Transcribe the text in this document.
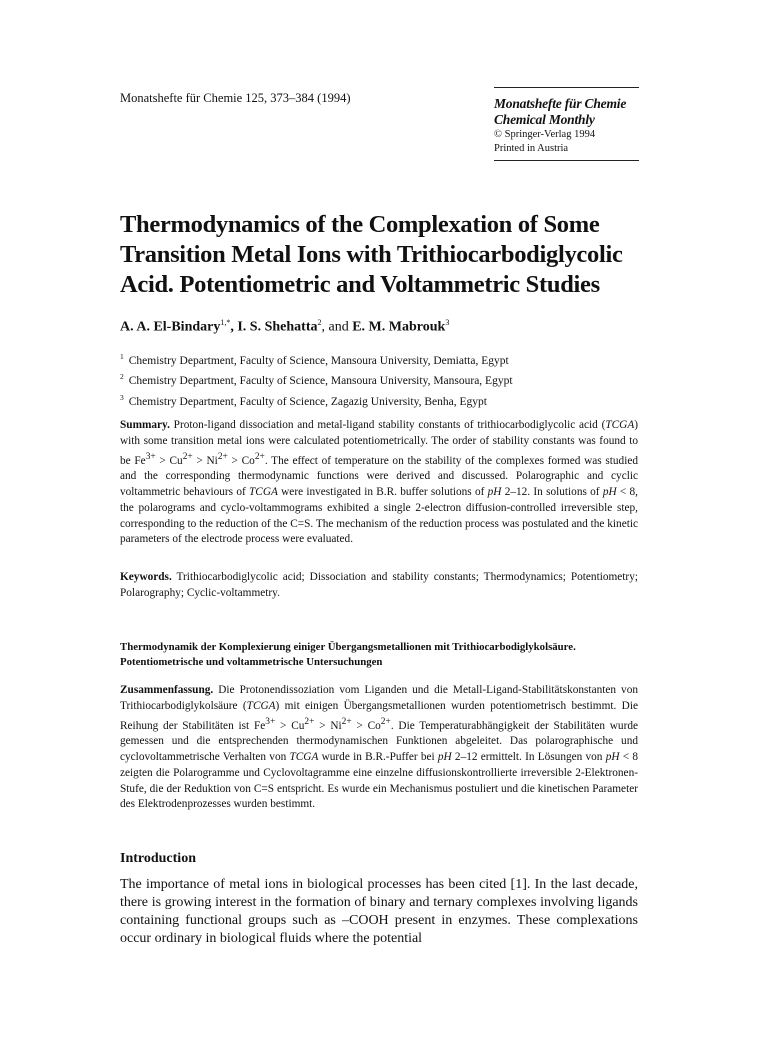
Monatshefte für Chemie 125, 373–384 (1994)	Monatshefte für Chemie
Chemical Monthly
© Springer-Verlag 1994
Printed in Austria
Thermodynamics of the Complexation of Some Transition Metal Ions with Trithiocarbodiglycolic Acid. Potentiometric and Voltammetric Studies
A. A. El-Bindary$^{1,*}$, I. S. Shehatta$^2$, and E. M. Mabrouk$^3$
$^1$ Chemistry Department, Faculty of Science, Mansoura University, Demiatta, Egypt
$^2$ Chemistry Department, Faculty of Science, Mansoura University, Mansoura, Egypt
$^3$ Chemistry Department, Faculty of Science, Zagazig University, Benha, Egypt
Summary. Proton-ligand dissociation and metal-ligand stability constants of trithiocarbodiglycolic acid (TCGA) with some transition metal ions were calculated potentiometrically. The order of stability constants was found to be $Fe^{3+} > Cu^{2+} > Ni^{2+} > Co^{2+}$. The effect of temperature on the stability of the complexes formed was studied and the corresponding thermodynamic functions were derived and discussed. Polarographic and cyclic voltammetric behaviours of TCGA were investigated in B.R. buffer solutions of pH 2–12. In solutions of pH < 8, the polarograms and cyclo-voltammograms exhibited a single 2-electron diffusion-controlled irreversible step, corresponding to the reduction of the C=S. The mechanism of the reduction process was postulated and the kinetic parameters of the electrode process were evaluated.
Keywords. Trithiocarbodiglycolic acid; Dissociation and stability constants; Thermodynamics; Potentiometry; Polarography; Cyclic-voltammetry.
Thermodynamik der Komplexierung einiger Übergangsmetallionen mit Trithiocarbodiglykolsäure. Potentiometrische und voltammetrische Untersuchungen
Zusammenfassung. Die Protonendissoziation vom Liganden und die Metall-Ligand-Stabilitätskonstanten von Trithiocarbodiglykolsäure (TCGA) mit einigen Übergangsmetallionen wurden potentiometrisch bestimmt. Die Reihung der Stabilitäten ist $Fe^{3+} > Cu^{2+} > Ni^{2+} > Co^{2+}$. Die Temperaturabhängigkeit der Stabilitäten wurde gemessen und die entsprechenden thermodynamischen Funktionen abgeleitet. Das polarographische und cyclovoltammetrische Verhalten von TCGA wurde in B.R.-Puffer bei pH 2–12 ermittelt. In Lösungen von pH < 8 zeigten die Polarogramme und Cyclovoltagramme eine einzelne diffusionskontrollierte irreversible 2-Elektronen-Stufe, die der Reduktion von C=S entspricht. Es wurde ein Mechanismus postuliert und die kinetischen Parameter des Elektrodenprozesses wurden bestimmt.
Introduction
The importance of metal ions in biological processes has been cited [1]. In the last decade, there is growing interest in the formation of binary and ternary complexes involving ligands containing functional groups such as –COOH present in enzymes. These complexations occur ordinary in biological fluids where the potential
